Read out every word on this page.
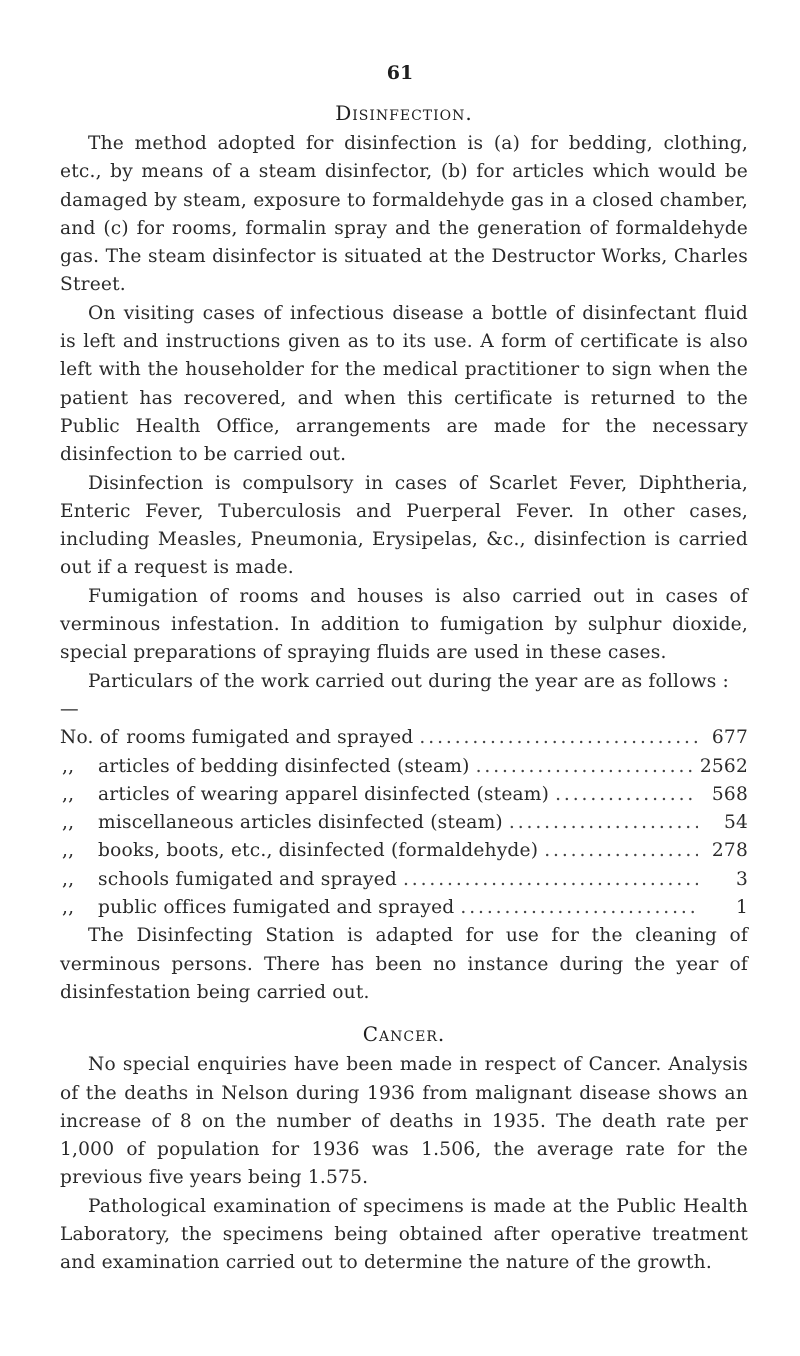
61
Disinfection.

The method adopted for disinfection is (a) for bedding, clothing, etc., by means of a steam disinfector, (b) for articles which would be damaged by steam, exposure to formaldehyde gas in a closed chamber, and (c) for rooms, formalin spray and the generation of formaldehyde gas. The steam disinfector is situated at the Destructor Works, Charles Street.

On visiting cases of infectious disease a bottle of disinfectant fluid is left and instructions given as to its use. A form of certificate is also left with the householder for the medical practitioner to sign when the patient has recovered, and when this certificate is returned to the Public Health Office, arrangements are made for the necessary disinfection to be carried out.

Disinfection is compulsory in cases of Scarlet Fever, Diphtheria, Enteric Fever, Tuberculosis and Puerperal Fever. In other cases, including Measles, Pneumonia, Erysipelas, &c., disinfection is carried out if a request is made.

Fumigation of rooms and houses is also carried out in cases of verminous infestation. In addition to fumigation by sulphur dioxide, special preparations of spraying fluids are used in these cases.

Particulars of the work carried out during the year are as follows : —

No. of rooms fumigated and sprayed . . .	677
,,	articles of bedding disinfected (steam) . . .	2562
,,	articles of wearing apparel disinfected (steam) . . .	568
,,	miscellaneous articles disinfected (steam) . . .	54
,,	books, boots, etc., disinfected (formaldehyde) . . .	278
,,	schools fumigated and sprayed . . .	3
,,	public offices fumigated and sprayed . . .	1

The Disinfecting Station is adapted for use for the cleaning of verminous persons. There has been no instance during the year of disinfestation being carried out.

Cancer.

No special enquiries have been made in respect of Cancer. Analysis of the deaths in Nelson during 1936 from malignant disease shows an increase of 8 on the number of deaths in 1935. The death rate per 1,000 of population for 1936 was 1.506, the average rate for the previous five years being 1.575.

Pathological examination of specimens is made at the Public Health Laboratory, the specimens being obtained after operative treatment and examination carried out to determine the nature of the growth.
